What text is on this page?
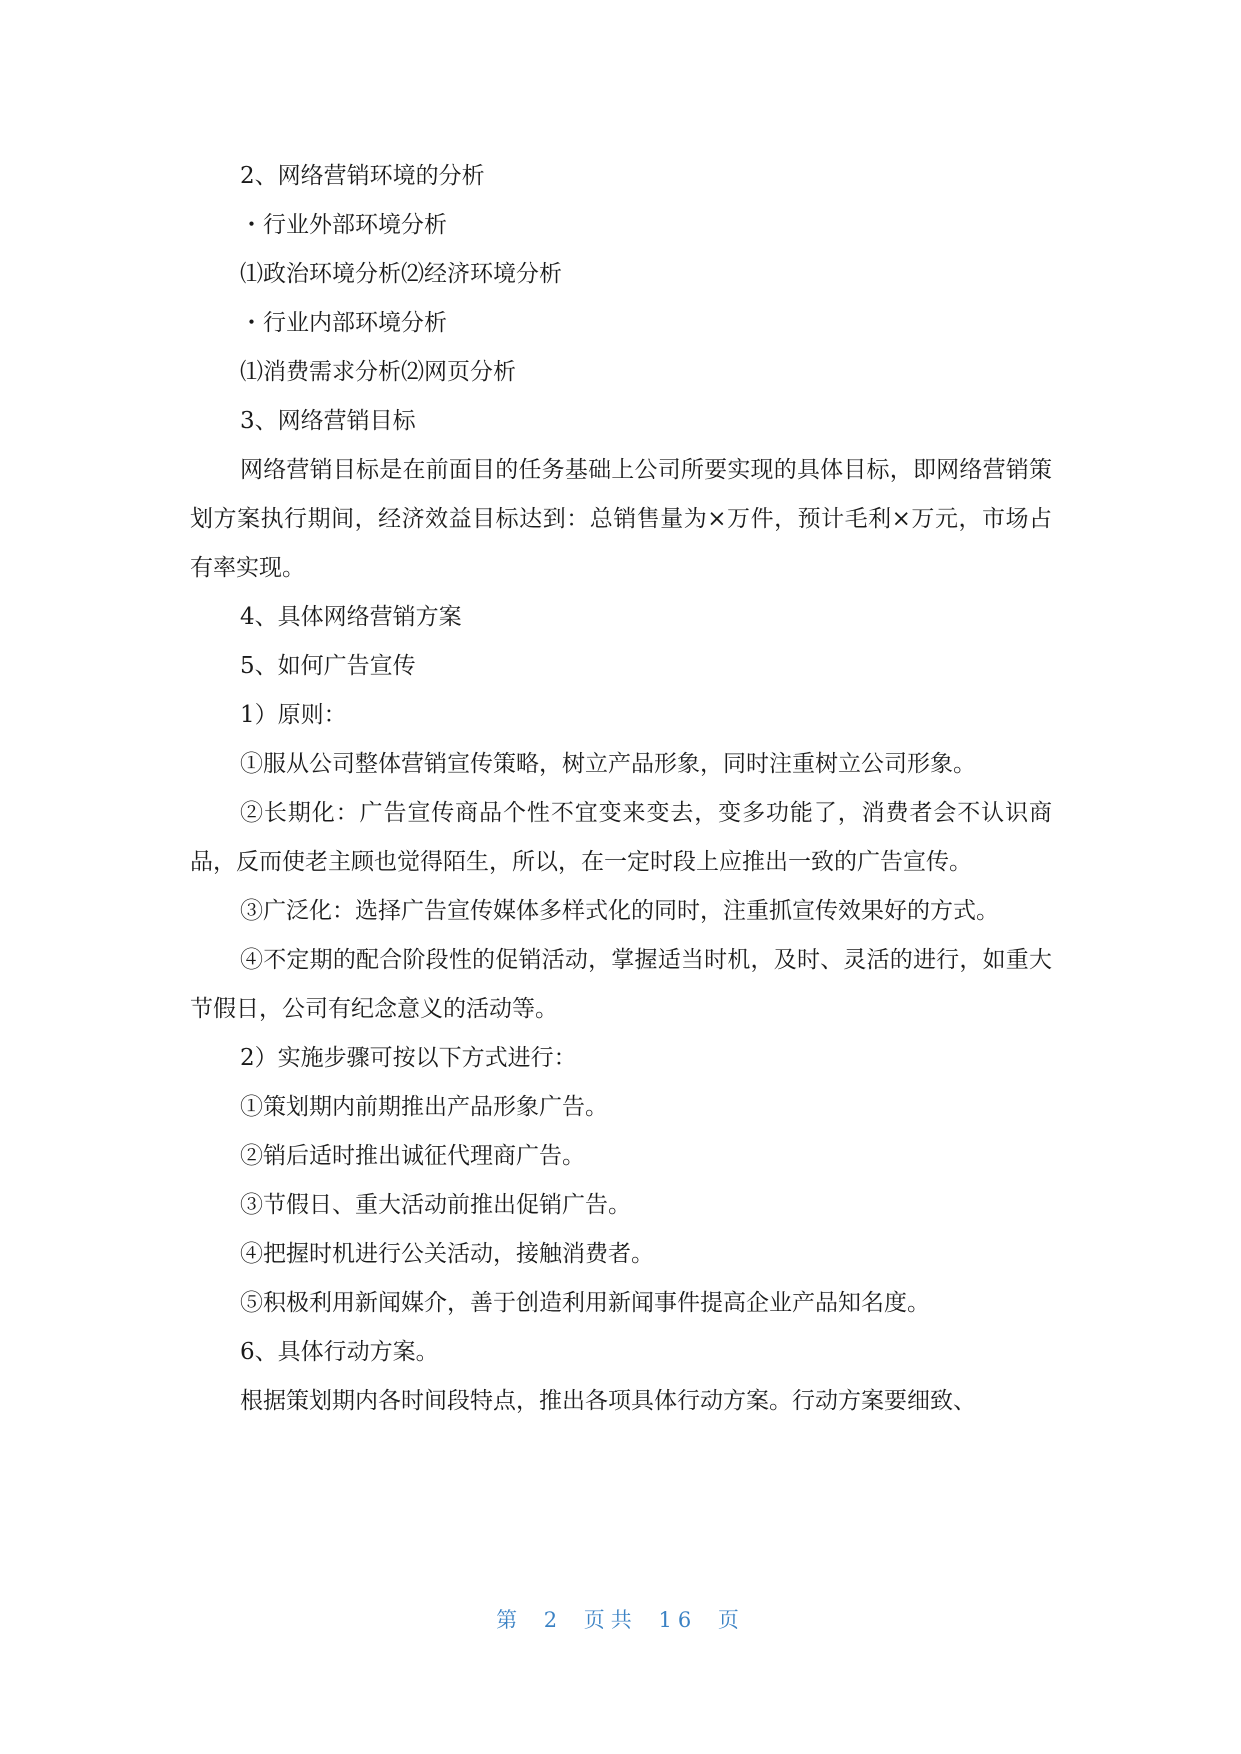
2、网络营销环境的分析

・行业外部环境分析

⑴政治环境分析⑵经济环境分析

・行业内部环境分析

⑴消费需求分析⑵网页分析

3、网络营销目标

网络营销目标是在前面目的任务基础上公司所要实现的具体目标，即网络营销策划方案执行期间，经济效益目标达到：总销售量为×万件，预计毛利×万元，市场占有率实现。

4、具体网络营销方案

5、如何广告宣传

1）原则：

①服从公司整体营销宣传策略，树立产品形象，同时注重树立公司形象。

②长期化：广告宣传商品个性不宜变来变去，变多功能了，消费者会不认识商品，反而使老主顾也觉得陌生，所以，在一定时段上应推出一致的广告宣传。

③广泛化：选择广告宣传媒体多样式化的同时，注重抓宣传效果好的方式。

④不定期的配合阶段性的促销活动，掌握适当时机，及时、灵活的进行，如重大节假日，公司有纪念意义的活动等。

2）实施步骤可按以下方式进行：

①策划期内前期推出产品形象广告。

②销后适时推出诚征代理商广告。

③节假日、重大活动前推出促销广告。

④把握时机进行公关活动，接触消费者。

⑤积极利用新闻媒介，善于创造利用新闻事件提高企业产品知名度。

6、具体行动方案。

根据策划期内各时间段特点，推出各项具体行动方案。行动方案要细致、

第 2 页共 16 页
